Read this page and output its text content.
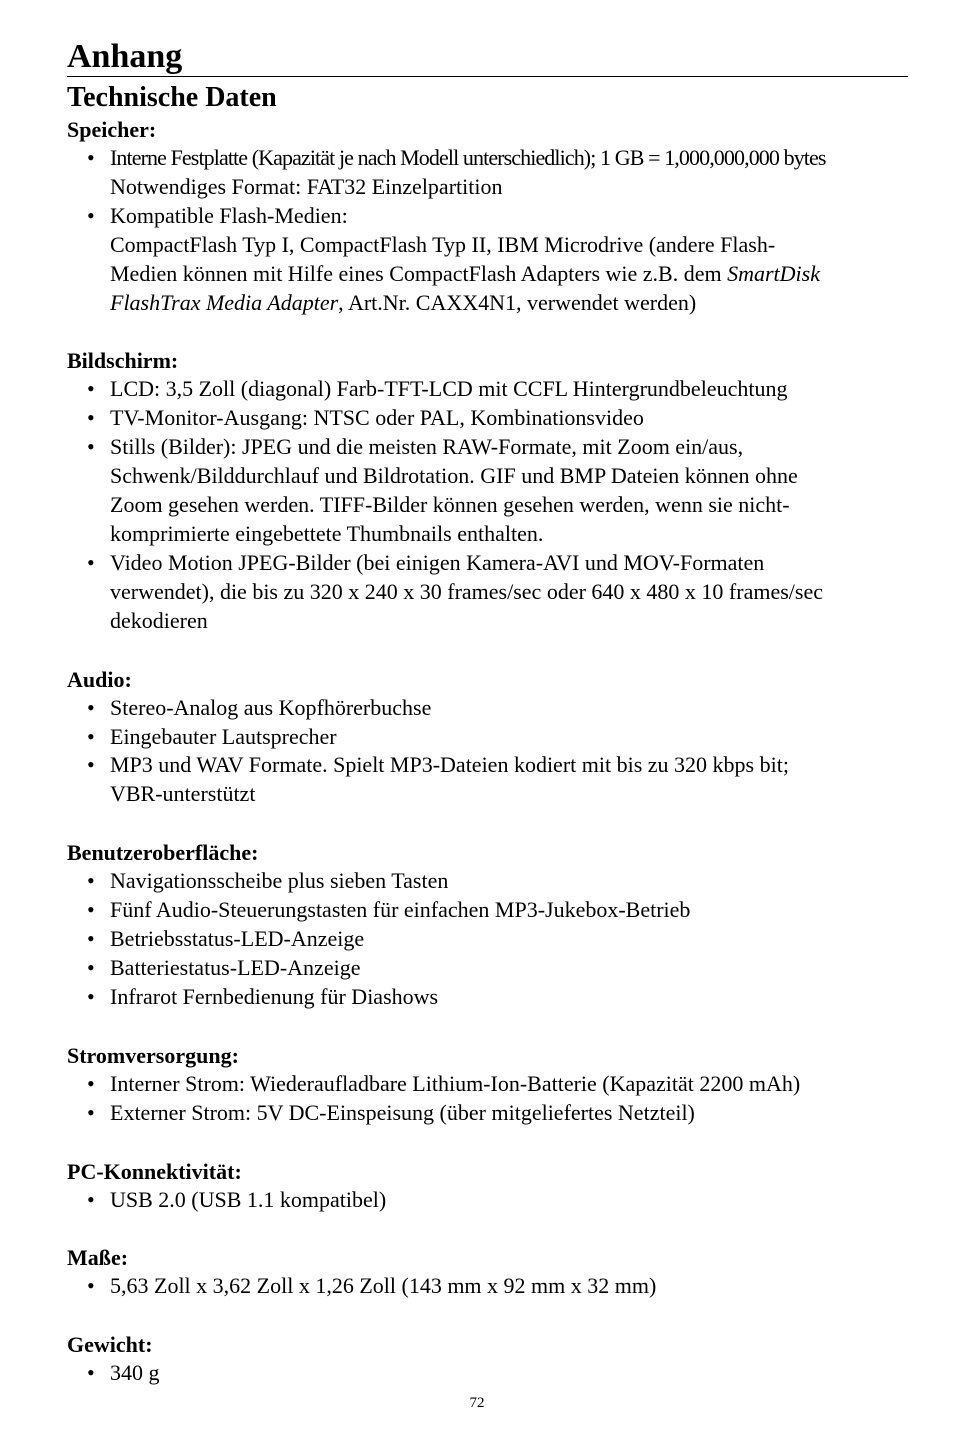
Anhang
Technische Daten
Speicher:
• Interne Festplatte (Kapazität je nach Modell unterschiedlich); 1 GB = 1,000,000,000 bytes
Notwendiges Format: FAT32 Einzelpartition
• Kompatible Flash-Medien:
CompactFlash Typ I, CompactFlash Typ II, IBM Microdrive (andere Flash-
Medien können mit Hilfe eines CompactFlash Adapters wie z.B. dem SmartDisk
FlashTrax Media Adapter, Art.Nr. CAXX4N1, verwendet werden)
Bildschirm:
• LCD: 3,5 Zoll (diagonal) Farb-TFT-LCD mit CCFL Hintergrundbeleuchtung
• TV-Monitor-Ausgang: NTSC oder PAL, Kombinationsvideo
• Stills (Bilder): JPEG und die meisten RAW-Formate, mit Zoom ein/aus,
Schwenk/Bilddurchlauf und Bildrotation. GIF und BMP Dateien können ohne
Zoom gesehen werden. TIFF-Bilder können gesehen werden, wenn sie nicht-
komprimierte eingebettete Thumbnails enthalten.
• Video Motion JPEG-Bilder (bei einigen Kamera-AVI und MOV-Formaten
verwendet), die bis zu 320 x 240 x 30 frames/sec oder 640 x 480 x 10 frames/sec
dekodieren
Audio:
• Stereo-Analog aus Kopfhörerbuchse
• Eingebauter Lautsprecher
• MP3 und WAV Formate. Spielt MP3-Dateien kodiert mit bis zu 320 kbps bit;
VBR-unterstützt
Benutzeroberfläche:
• Navigationsscheibe plus sieben Tasten
• Fünf Audio-Steuerungstasten für einfachen MP3-Jukebox-Betrieb
• Betriebsstatus-LED-Anzeige
• Batteriestatus-LED-Anzeige
• Infrarot Fernbedienung für Diashows
Stromversorgung:
• Interner Strom: Wiederaufladbare Lithium-Ion-Batterie (Kapazität 2200 mAh)
• Externer Strom: 5V DC-Einspeisung (über mitgeliefertes Netzteil)
PC-Konnektivität:
• USB 2.0 (USB 1.1 kompatibel)
Maße:
• 5,63 Zoll x 3,62 Zoll x 1,26 Zoll (143 mm x 92 mm x 32 mm)
Gewicht:
• 340 g
72
